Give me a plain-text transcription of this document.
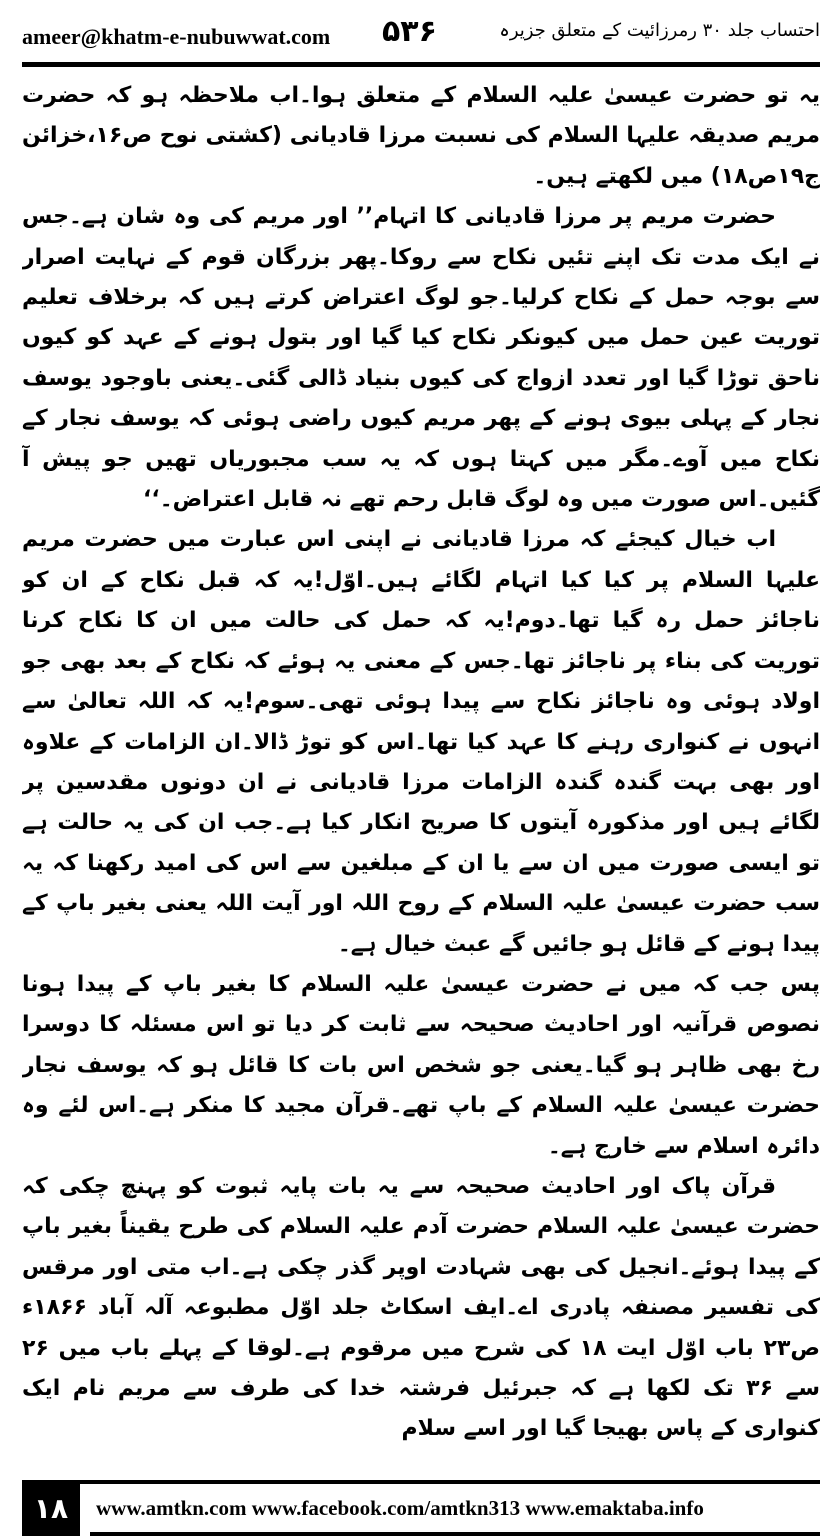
ameer@khatm-e-nubuwwat.com ۵۳۶	احتساب جلد ۳۰ رمرزائیت کے متعلق جزیرہ

یہ تو حضرت عیسیٰ علیہ السلام کے متعلق ہوا۔اب ملاحظہ ہو کہ حضرت مریم صدیقہ علیہا السلام کی نسبت مرزا قادیانی (کشتی نوح ص۱۶،خزائن ج۱۹ص۱۸) میں لکھتے ہیں۔

حضرت مریم پر مرزا قادیانی کا اتہام’’ اور مریم کی وہ شان ہے۔جس نے ایک مدت تک اپنے تئیں نکاح سے روکا۔پھر بزرگان قوم کے نہایت اصرار سے بوجہ حمل کے نکاح کرلیا۔جو لوگ اعتراض کرتے ہیں کہ برخلاف تعلیم توریت عین حمل میں کیونکر نکاح کیا گیا اور بتول ہونے کے عہد کو کیوں ناحق توڑا گیا اور تعدد ازواج کی کیوں بنیاد ڈالی گئی۔یعنی باوجود یوسف نجار کے پہلی بیوی ہونے کے پھر مریم کیوں راضی ہوئی کہ یوسف نجار کے نکاح میں آوے۔مگر میں کہتا ہوں کہ یہ سب مجبوریاں تھیں جو پیش آ گئیں۔اس صورت میں وہ لوگ قابل رحم تھے نہ قابل اعتراض۔‘‘

اب خیال کیجئے کہ مرزا قادیانی نے اپنی اس عبارت میں حضرت مریم علیہا السلام پر کیا کیا اتہام لگائے ہیں۔اوّل!یہ کہ قبل نکاح کے ان کو ناجائز حمل رہ گیا تھا۔دوم!یہ کہ حمل کی حالت میں ان کا نکاح کرنا توریت کی بناء پر ناجائز تھا۔جس کے معنی یہ ہوئے کہ نکاح کے بعد بھی جو اولاد ہوئی وہ ناجائز نکاح سے پیدا ہوئی تھی۔سوم!یہ کہ اللہ تعالیٰ سے انہوں نے کنواری رہنے کا عہد کیا تھا۔اس کو توڑ ڈالا۔ان الزامات کے علاوہ اور بھی بہت گندہ گندہ الزامات مرزا قادیانی نے ان دونوں مقدسین پر لگائے ہیں اور مذکورہ آیتوں کا صریح انکار کیا ہے۔جب ان کی یہ حالت ہے تو ایسی صورت میں ان سے یا ان کے مبلغین سے اس کی امید رکھنا کہ یہ سب حضرت عیسیٰ علیہ السلام کے روح اللہ اور آیت اللہ یعنی بغیر باپ کے پیدا ہونے کے قائل ہو جائیں گے عبث خیال ہے۔

پس جب کہ میں نے حضرت عیسیٰ علیہ السلام کا بغیر باپ کے پیدا ہونا نصوص قرآنیہ اور احادیث صحیحہ سے ثابت کر دیا تو اس مسئلہ کا دوسرا رخ بھی ظاہر ہو گیا۔یعنی جو شخص اس بات کا قائل ہو کہ یوسف نجار حضرت عیسیٰ علیہ السلام کے باپ تھے۔قرآن مجید کا منکر ہے۔اس لئے وہ دائرہ اسلام سے خارج ہے۔

قرآن پاک اور احادیث صحیحہ سے یہ بات پایہ ثبوت کو پہنچ چکی کہ حضرت عیسیٰ علیہ السلام حضرت آدم علیہ السلام کی طرح یقیناً بغیر باپ کے پیدا ہوئے۔انجیل کی بھی شہادت اوپر گذر چکی ہے۔اب متی اور مرقس کی تفسیر مصنفہ پادری اے۔ایف اسکاٹ جلد اوّل مطبوعہ آلہ آباد ۱۸۶۶ء ص۲۳ باب اوّل ایت ۱۸ کی شرح میں مرقوم ہے۔لوقا کے پہلے باب میں ۲۶ سے ۳۶ تک لکھا ہے کہ جبرئیل فرشتہ خدا کی طرف سے مریم نام ایک کنواری کے پاس بھیجا گیا اور اسے سلام

۱۸	www.amtkn.com www.facebook.com/amtkn313 www.emaktaba.info
